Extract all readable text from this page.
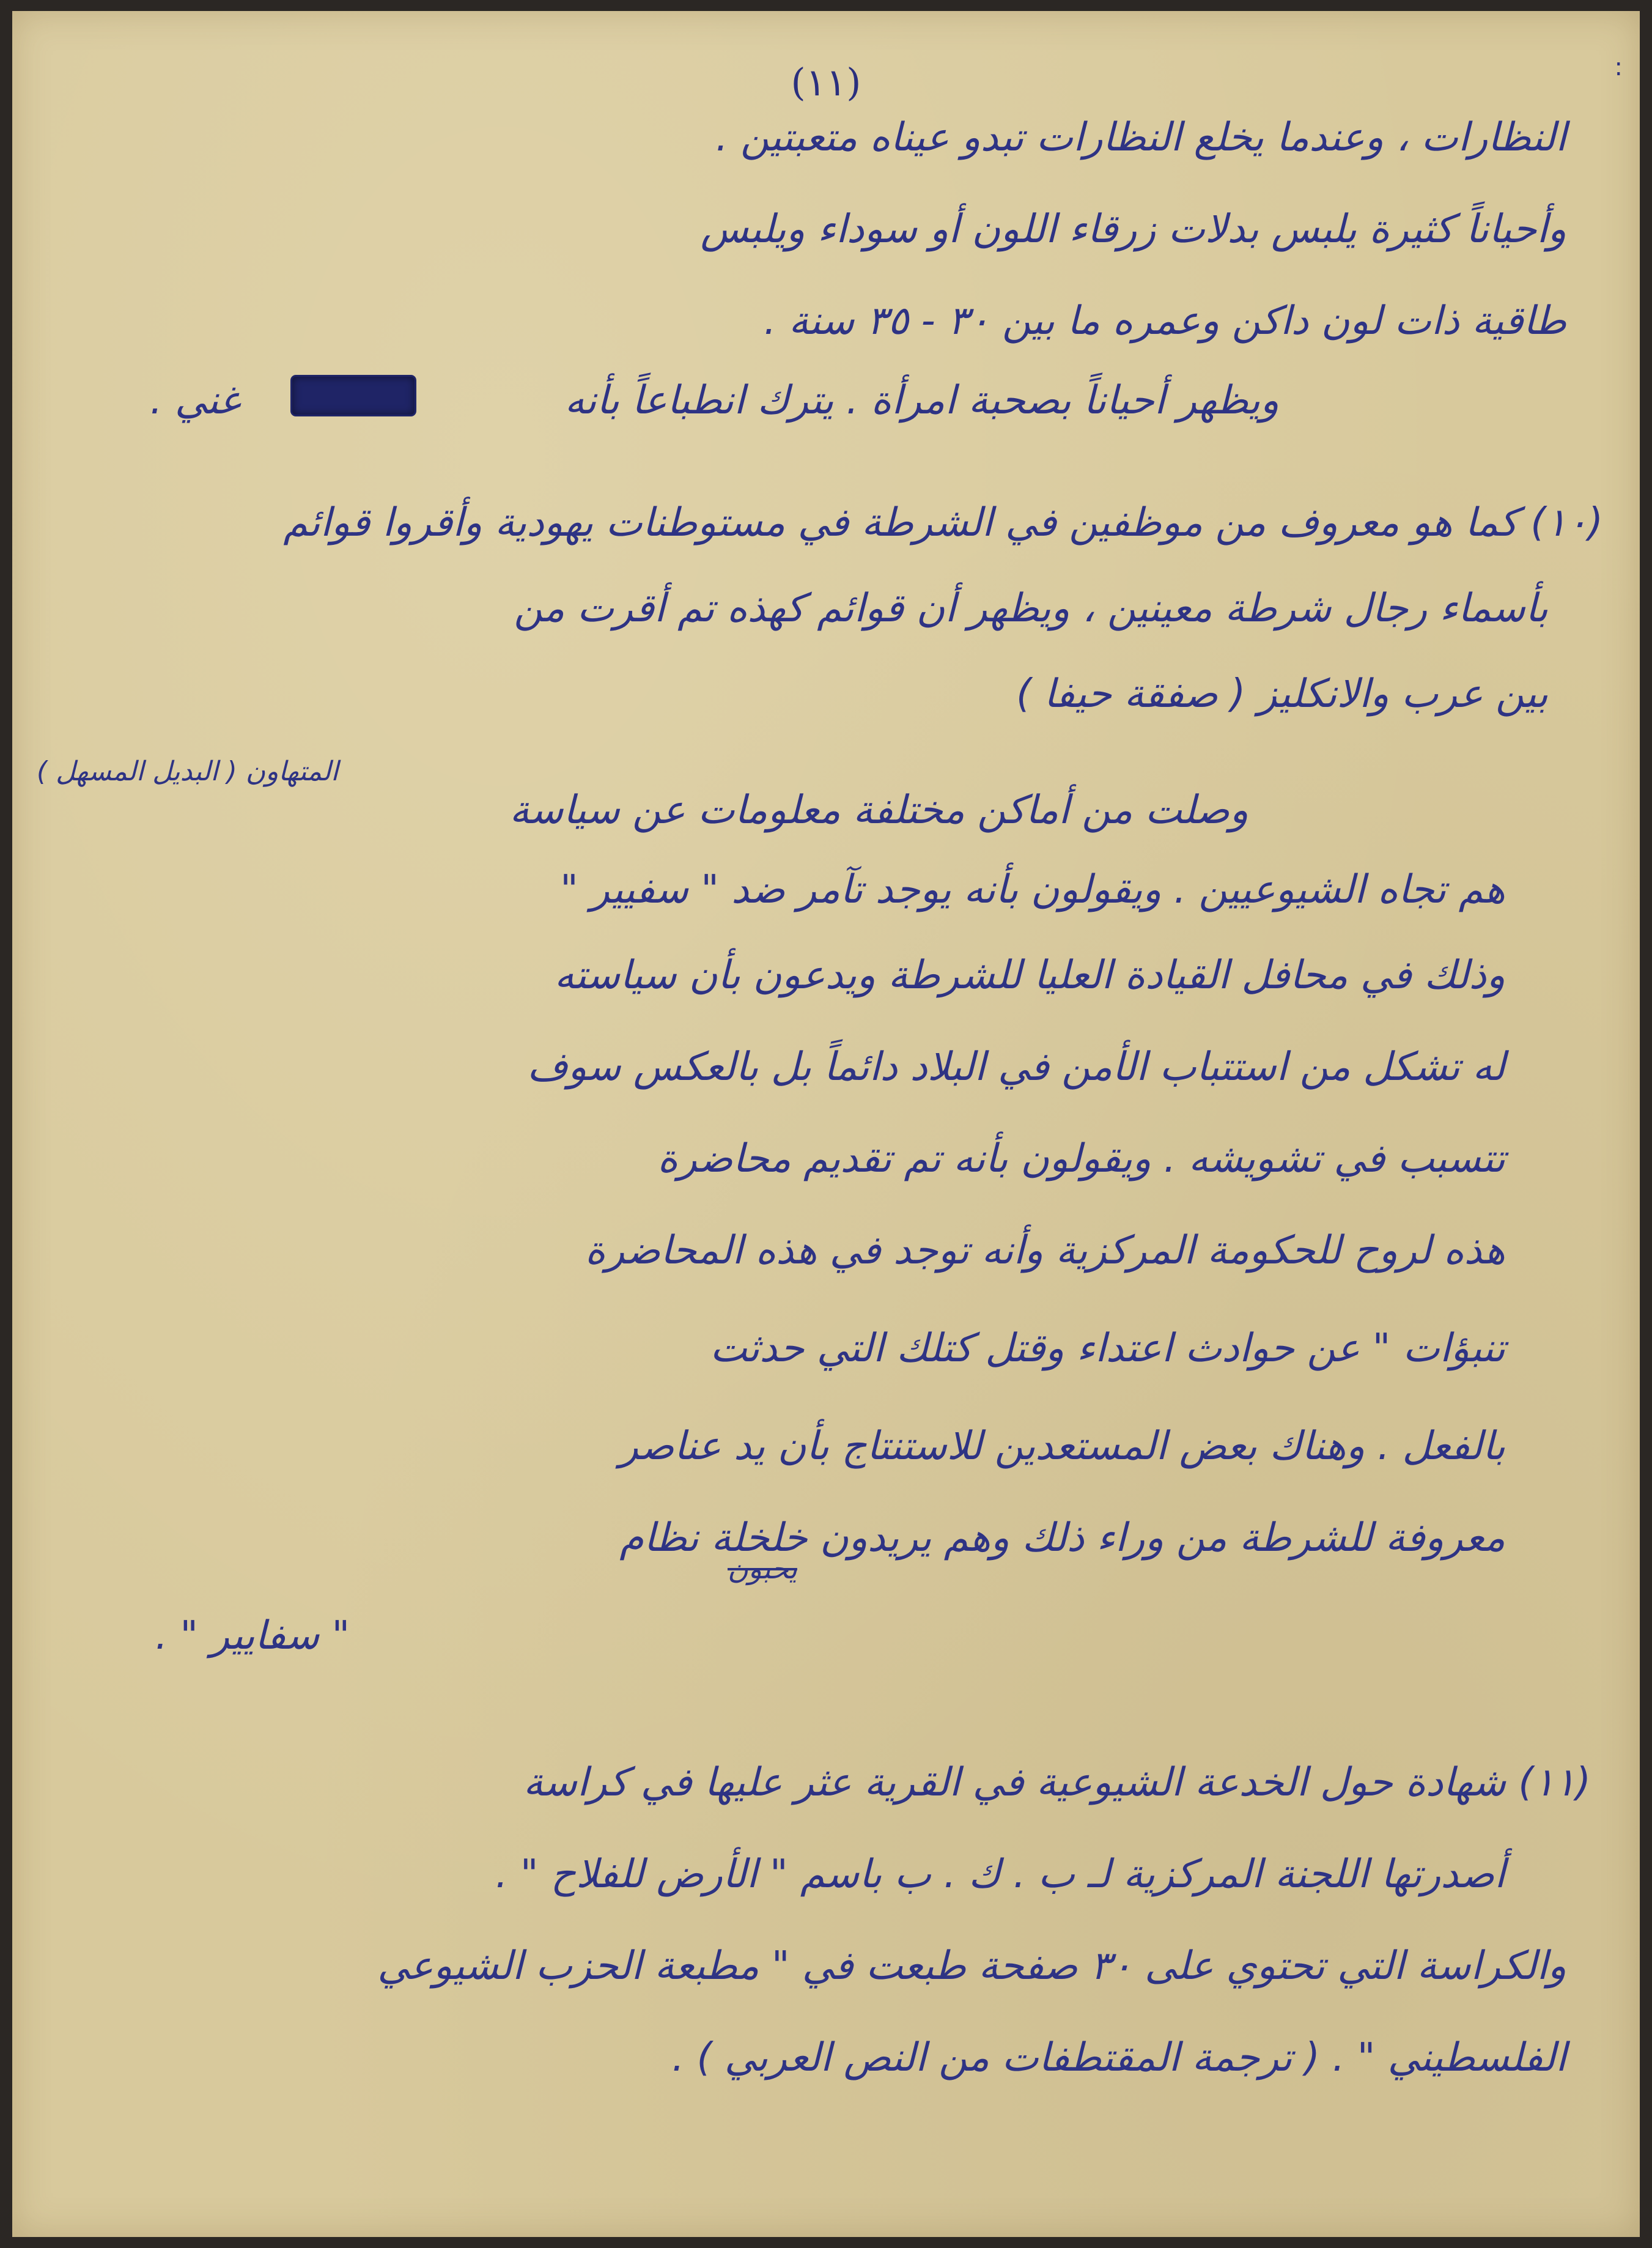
(١١)	:
النظارات ، وعندما يخلع النظارات تبدو عيناه متعبتين .
وأحياناً كثيرة يلبس بدلات زرقاء اللون أو سوداء ويلبس
طاقية ذات لون داكن وعمره ما بين ٣٠ - ٣٥ سنة .
ويظهر أحياناً بصحبة امرأة . يترك انطباعاً بأنه
غني .
(١٠) كما هو معروف من موظفين في الشرطة في مستوطنات يهودية وأقروا قوائم
بأسماء رجال شرطة معينين ، ويظهر أن قوائم كهذه تم أقرت من
بين عرب والانكليز ( صفقة حيفا )
المتهاون ( البديل المسهل )
وصلت من أماكن مختلفة معلومات عن سياسة
هم تجاه الشيوعيين . ويقولون بأنه يوجد تآمر ضد " سفيير "
وذلك في محافل القيادة العليا للشرطة ويدعون بأن سياسته
له تشكل من استتباب الأمن في البلاد دائماً بل بالعكس سوف
تتسبب في تشويشه . ويقولون بأنه تم تقديم محاضرة
هذه لروح للحكومة المركزية وأنه توجد في هذه المحاضرة
تنبؤات " عن حوادث اعتداء وقتل كتلك التي حدثت
بالفعل . وهناك بعض المستعدين للاستنتاج بأن يد عناصر
معروفة للشرطة من وراء ذلك وهم يريدون خلخلة نظام
يحبون
" سفايير " .
(١١) شهادة حول الخدعة الشيوعية في القرية عثر عليها في كراسة
أصدرتها اللجنة المركزية لـ ب . ك . ب باسم " الأرض للفلاح " .
والكراسة التي تحتوي على ٣٠ صفحة طبعت في " مطبعة الحزب الشيوعي
الفلسطيني " . ( ترجمة المقتطفات من النص العربي ) .
